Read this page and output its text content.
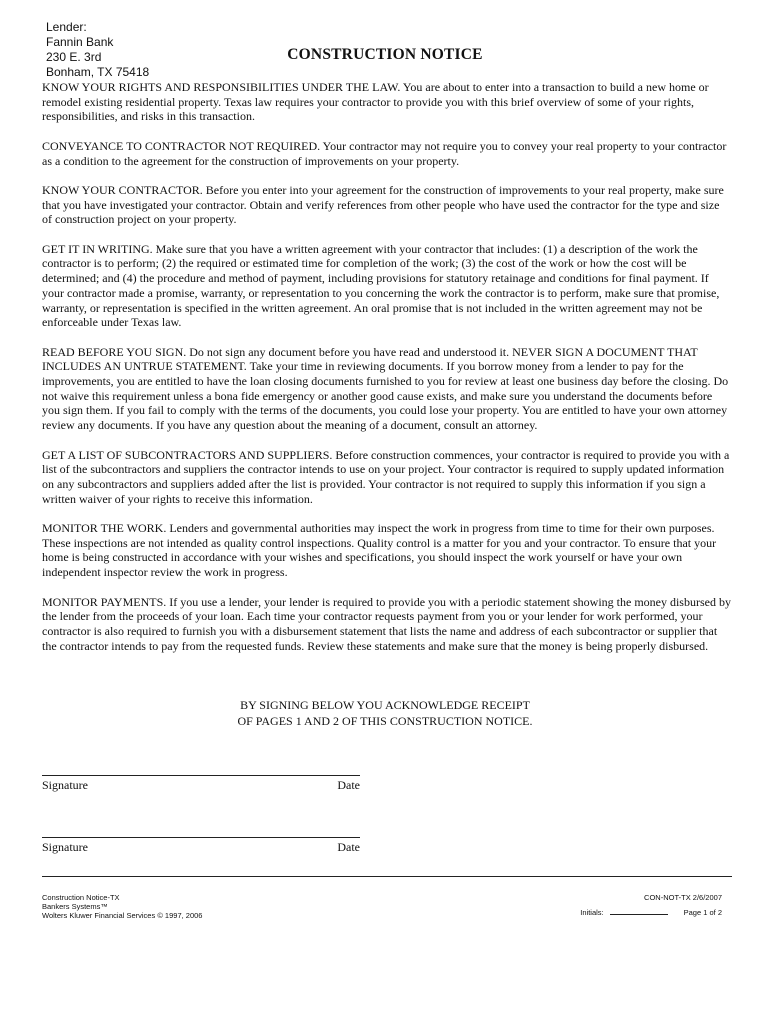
Lender:
Fannin Bank
230 E. 3rd
Bonham, TX 75418
CONSTRUCTION NOTICE

KNOW YOUR RIGHTS AND RESPONSIBILITIES UNDER THE LAW. You are about to enter into a transaction to build a new home or remodel existing residential property. Texas law requires your contractor to provide you with this brief overview of some of your rights, responsibilities, and risks in this transaction.

CONVEYANCE TO CONTRACTOR NOT REQUIRED. Your contractor may not require you to convey your real property to your contractor as a condition to the agreement for the construction of improvements on your property.

KNOW YOUR CONTRACTOR. Before you enter into your agreement for the construction of improvements to your real property, make sure that you have investigated your contractor. Obtain and verify references from other people who have used the contractor for the type and size of construction project on your property.

GET IT IN WRITING. Make sure that you have a written agreement with your contractor that includes: (1) a description of the work the contractor is to perform; (2) the required or estimated time for completion of the work; (3) the cost of the work or how the cost will be determined; and (4) the procedure and method of payment, including provisions for statutory retainage and conditions for final payment. If your contractor made a promise, warranty, or representation to you concerning the work the contractor is to perform, make sure that promise, warranty, or representation is specified in the written agreement. An oral promise that is not included in the written agreement may not be enforceable under Texas law.

READ BEFORE YOU SIGN. Do not sign any document before you have read and understood it. NEVER SIGN A DOCUMENT THAT INCLUDES AN UNTRUE STATEMENT. Take your time in reviewing documents. If you borrow money from a lender to pay for the improvements, you are entitled to have the loan closing documents furnished to you for review at least one business day before the closing. Do not waive this requirement unless a bona fide emergency or another good cause exists, and make sure you understand the documents before you sign them. If you fail to comply with the terms of the documents, you could lose your property. You are entitled to have your own attorney review any documents. If you have any question about the meaning of a document, consult an attorney.

GET A LIST OF SUBCONTRACTORS AND SUPPLIERS. Before construction commences, your contractor is required to provide you with a list of the subcontractors and suppliers the contractor intends to use on your project. Your contractor is required to supply updated information on any subcontractors and suppliers added after the list is provided. Your contractor is not required to supply this information if you sign a written waiver of your rights to receive this information.

MONITOR THE WORK. Lenders and governmental authorities may inspect the work in progress from time to time for their own purposes. These inspections are not intended as quality control inspections. Quality control is a matter for you and your contractor. To ensure that your home is being constructed in accordance with your wishes and specifications, you should inspect the work yourself or have your own independent inspector review the work in progress.

MONITOR PAYMENTS. If you use a lender, your lender is required to provide you with a periodic statement showing the money disbursed by the lender from the proceeds of your loan. Each time your contractor requests payment from you or your lender for work performed, your contractor is also required to furnish you with a disbursement statement that lists the name and address of each subcontractor or supplier that the contractor intends to pay from the requested funds. Review these statements and make sure that the money is being properly disbursed.

BY SIGNING BELOW YOU ACKNOWLEDGE RECEIPT
OF PAGES 1 AND 2 OF THIS CONSTRUCTION NOTICE.
Signature	Date
Signature	Date
Construction Notice-TX
Bankers Systems™
Wolters Kluwer Financial Services © 1997, 2006
CON-NOT-TX 2/6/2007
Initials:	Page 1 of 2
